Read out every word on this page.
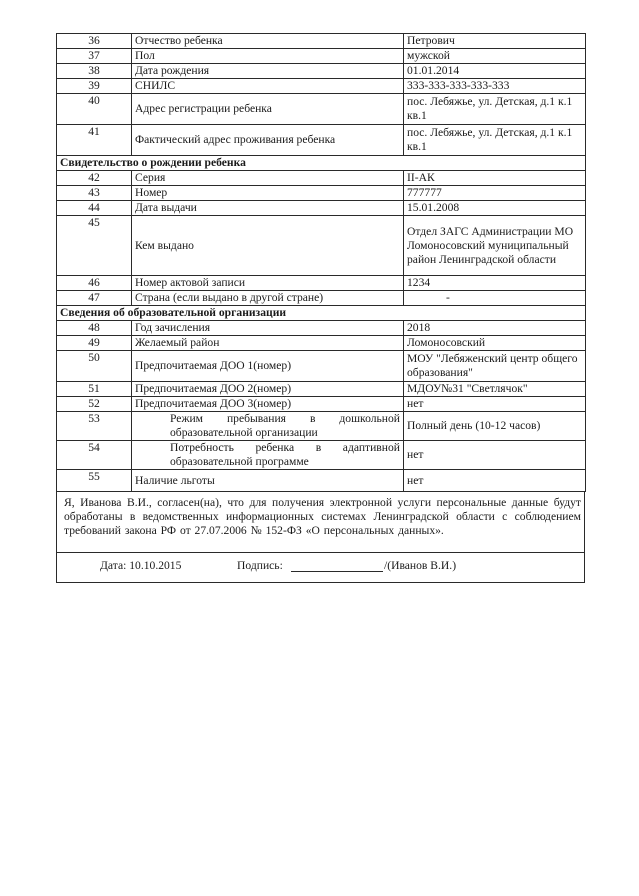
36	Отчество ребенка	Петрович
37	Пол	мужской
38	Дата рождения	01.01.2014
39	СНИЛС	333-333-333-333-333
40	Адрес регистрации ребенка	пос. Лебяжье, ул. Детская, д.1 к.1 кв.1
41	Фактический адрес проживания ребенка	пос. Лебяжье, ул. Детская, д.1 к.1 кв.1
Свидетельство о рождении ребенка		
42	Серия	II-АК
43	Номер	777777
44	Дата выдачи	15.01.2008
45	Кем выдано	Отдел ЗАГС Администрации МО Ломоносовский муниципальный район Ленинградской области
46	Номер актовой записи	1234
47	Страна (если выдано в другой стране)	-
Сведения об образовательной организации		
48	Год зачисления	2018
49	Желаемый район	Ломоносовский
50	Предпочитаемая ДОО 1(номер)	МОУ "Лебяженский центр общего образования"
51	Предпочитаемая ДОО 2(номер)	МДОУ№31 "Светлячок"
52	Предпочитаемая ДОО 3(номер)	нет
53	Режим пребывания в дошкольной образовательной организации	Полный день (10-12 часов)
54	Потребность ребенка в адаптивной образовательной программе	нет
55	Наличие льготы	нет
Я, Иванова В.И., согласен(на), что для получения электронной услуги персональные данные будут обработаны в ведомственных информационных системах Ленинградской области с соблюдением требований закона РФ от 27.07.2006 № 152-ФЗ «О персональных данных».
Дата: 10.10.2015	Подпись:	/(Иванов В.И.)
